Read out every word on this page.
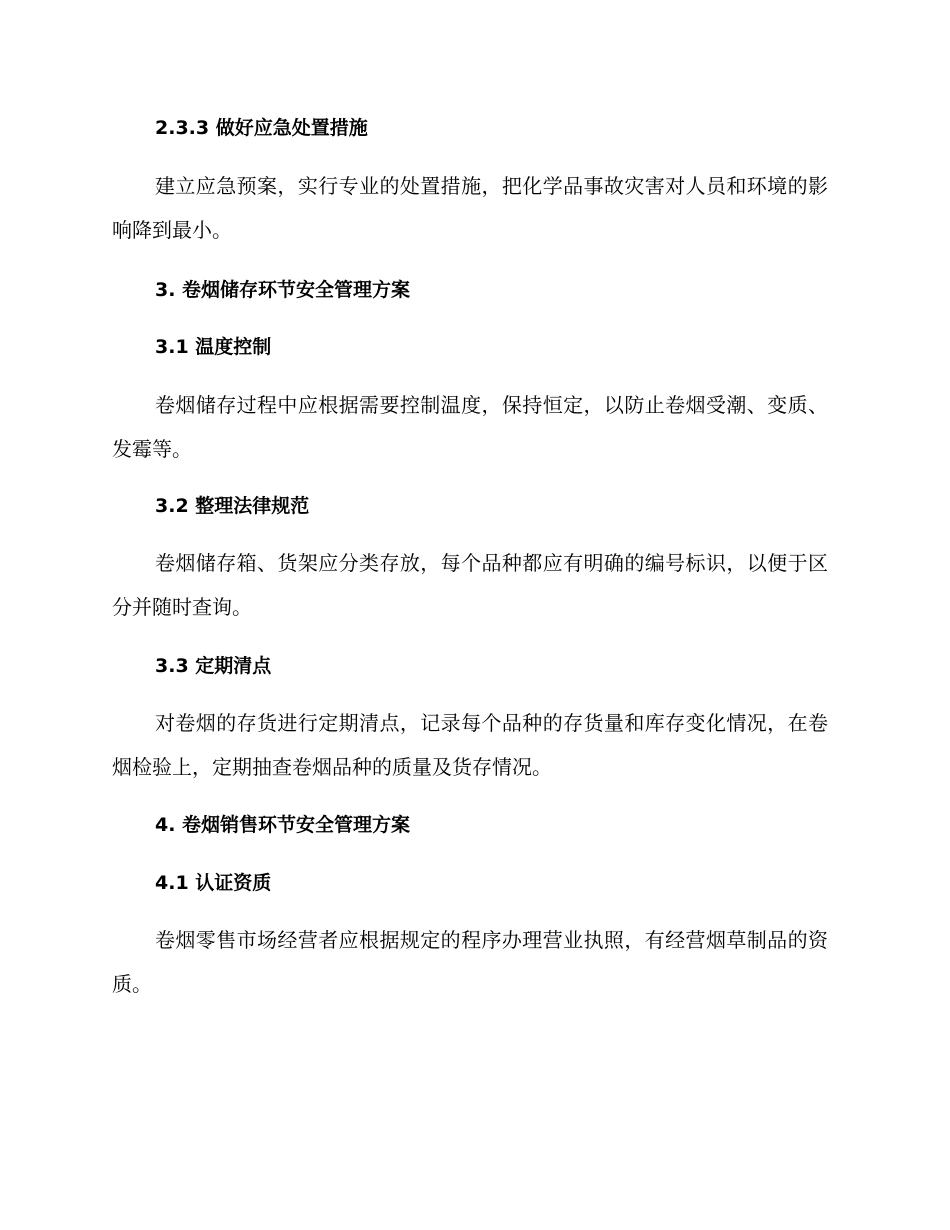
2.3.3 做好应急处置措施

建立应急预案，实行专业的处置措施，把化学品事故灾害对人员和环境的影响降到最小。

3. 卷烟储存环节安全管理方案
3.1 温度控制

卷烟储存过程中应根据需要控制温度，保持恒定，以防止卷烟受潮、变质、发霉等。

3.2 整理法律规范

卷烟储存箱、货架应分类存放，每个品种都应有明确的编号标识，以便于区分并随时查询。

3.3 定期清点

对卷烟的存货进行定期清点，记录每个品种的存货量和库存变化情况，在卷烟检验上，定期抽查卷烟品种的质量及货存情况。

4. 卷烟销售环节安全管理方案
4.1 认证资质

卷烟零售市场经营者应根据规定的程序办理营业执照，有经营烟草制品的资质。
